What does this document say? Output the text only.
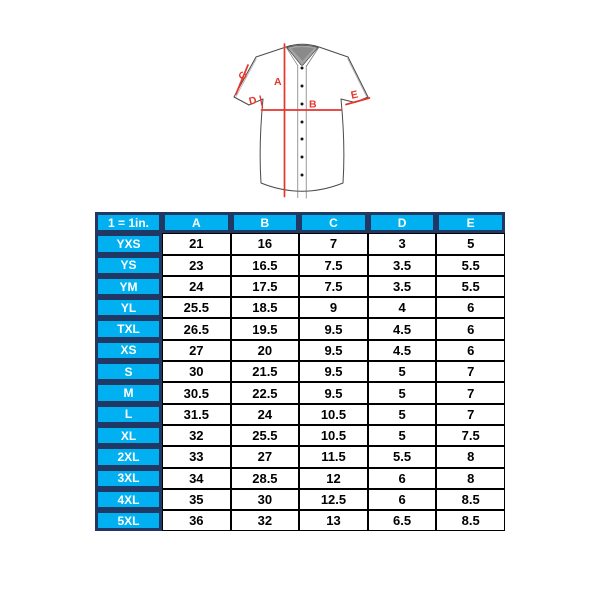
A
B
C
D	E
1 = 1in.	A	B	C	D	E
YXS	21	16	7	3	5
YS	23	16.5	7.5	3.5	5.5
YM	24	17.5	7.5	3.5	5.5
YL	25.5	18.5	9	4	6
TXL	26.5	19.5	9.5	4.5	6
XS	27	20	9.5	4.5	6
S	30	21.5	9.5	5	7
M	30.5	22.5	9.5	5	7
L	31.5	24	10.5	5	7
XL	32	25.5	10.5	5	7.5
2XL	33	27	11.5	5.5	8
3XL	34	28.5	12	6	8
4XL	35	30	12.5	6	8.5
5XL	36	32	13	6.5	8.5
